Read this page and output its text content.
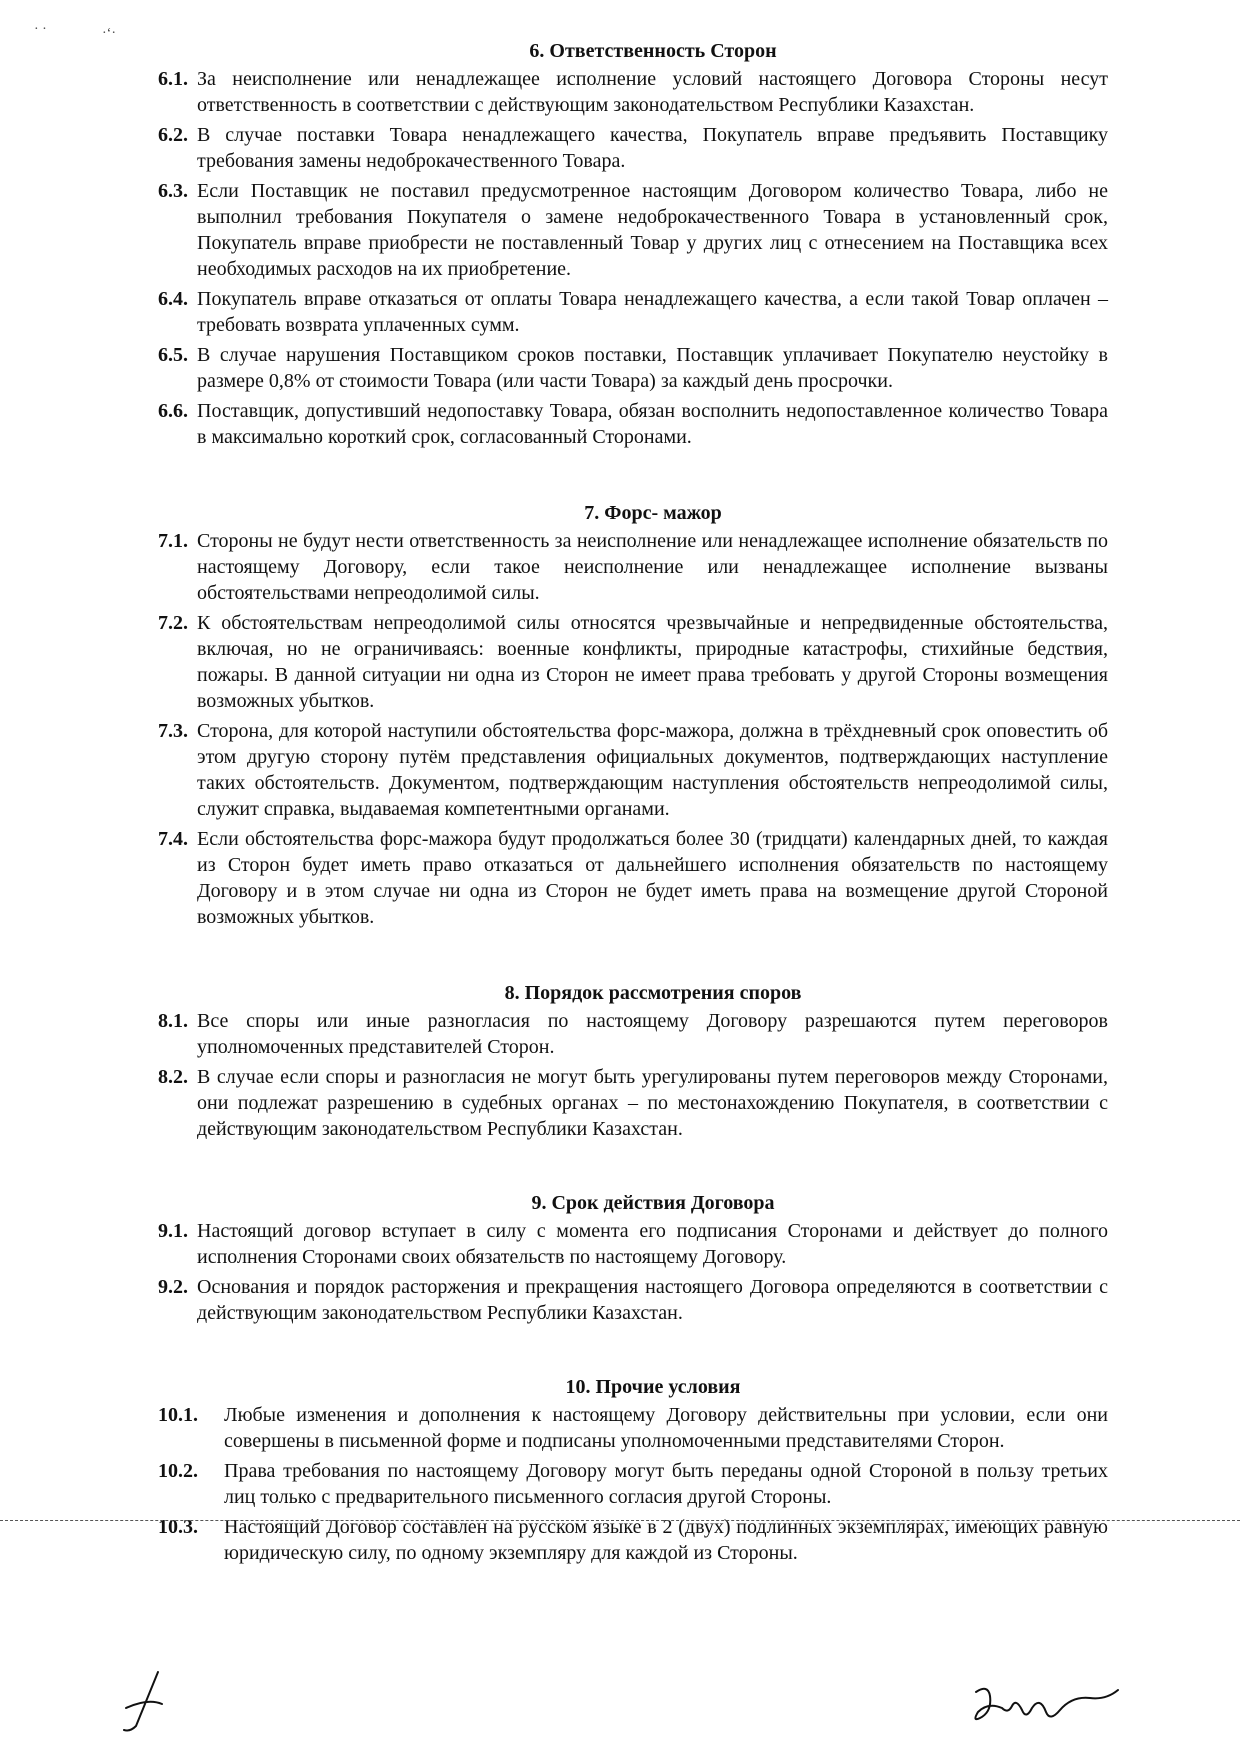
· ·	·‘·
6. Ответственность Сторон
6.1. За неисполнение или ненадлежащее исполнение условий настоящего Договора Стороны несут ответственность в соответствии с действующим законодательством Республики Казахстан.
6.2. В случае поставки Товара ненадлежащего качества, Покупатель вправе предъявить Поставщику требования замены недоброкачественного Товара.
6.3. Если Поставщик не поставил предусмотренное настоящим Договором количество Товара, либо не выполнил требования Покупателя о замене недоброкачественного Товара в установленный срок, Покупатель вправе приобрести не поставленный Товар у других лиц с отнесением на Поставщика всех необходимых расходов на их приобретение.
6.4. Покупатель вправе отказаться от оплаты Товара ненадлежащего качества, а если такой Товар оплачен – требовать возврата уплаченных сумм.
6.5. В случае нарушения Поставщиком сроков поставки, Поставщик уплачивает Покупателю неустойку в размере 0,8% от стоимости Товара (или части Товара) за каждый день просрочки.
6.6. Поставщик, допустивший недопоставку Товара, обязан восполнить недопоставленное количество Товара в максимально короткий срок, согласованный Сторонами.
7. Форс- мажор
7.1. Стороны не будут нести ответственность за неисполнение или ненадлежащее исполнение обязательств по настоящему Договору, если такое неисполнение или ненадлежащее исполнение вызваны обстоятельствами непреодолимой силы.
7.2. К обстоятельствам непреодолимой силы относятся чрезвычайные и непредвиденные обстоятельства, включая, но не ограничиваясь: военные конфликты, природные катастрофы, стихийные бедствия, пожары. В данной ситуации ни одна из Сторон не имеет права требовать у другой Стороны возмещения возможных убытков.
7.3. Сторона, для которой наступили обстоятельства форс-мажора, должна в трёхдневный срок оповестить об этом другую сторону путём представления официальных документов, подтверждающих наступление таких обстоятельств. Документом, подтверждающим наступления обстоятельств непреодолимой силы, служит справка, выдаваемая компетентными органами.
7.4. Если обстоятельства форс-мажора будут продолжаться более 30 (тридцати) календарных дней, то каждая из Сторон будет иметь право отказаться от дальнейшего исполнения обязательств по настоящему Договору и в этом случае ни одна из Сторон не будет иметь права на возмещение другой Стороной возможных убытков.
8. Порядок рассмотрения споров
8.1. Все споры или иные разногласия по настоящему Договору разрешаются путем переговоров уполномоченных представителей Сторон.
8.2. В случае если споры и разногласия не могут быть урегулированы путем переговоров между Сторонами, они подлежат разрешению в судебных органах – по местонахождению Покупателя, в соответствии с действующим законодательством Республики Казахстан.
9. Срок действия Договора
9.1. Настоящий договор вступает в силу с момента его подписания Сторонами и действует до полного исполнения Сторонами своих обязательств по настоящему Договору.
9.2. Основания и порядок расторжения и прекращения настоящего Договора определяются в соответствии с действующим законодательством Республики Казахстан.
10. Прочие условия
10.1.	Любые изменения и дополнения к настоящему Договору действительны при условии, если они совершены в письменной форме и подписаны уполномоченными представителями Сторон.
10.2.	Права требования по настоящему Договору могут быть переданы одной Стороной в пользу третьих лиц только с предварительного письменного согласия другой Стороны.
10.3.	Настоящий Договор составлен на русском языке в 2 (двух) подлинных экземплярах, имеющих равную юридическую силу, по одному экземпляру для каждой из Стороны.
